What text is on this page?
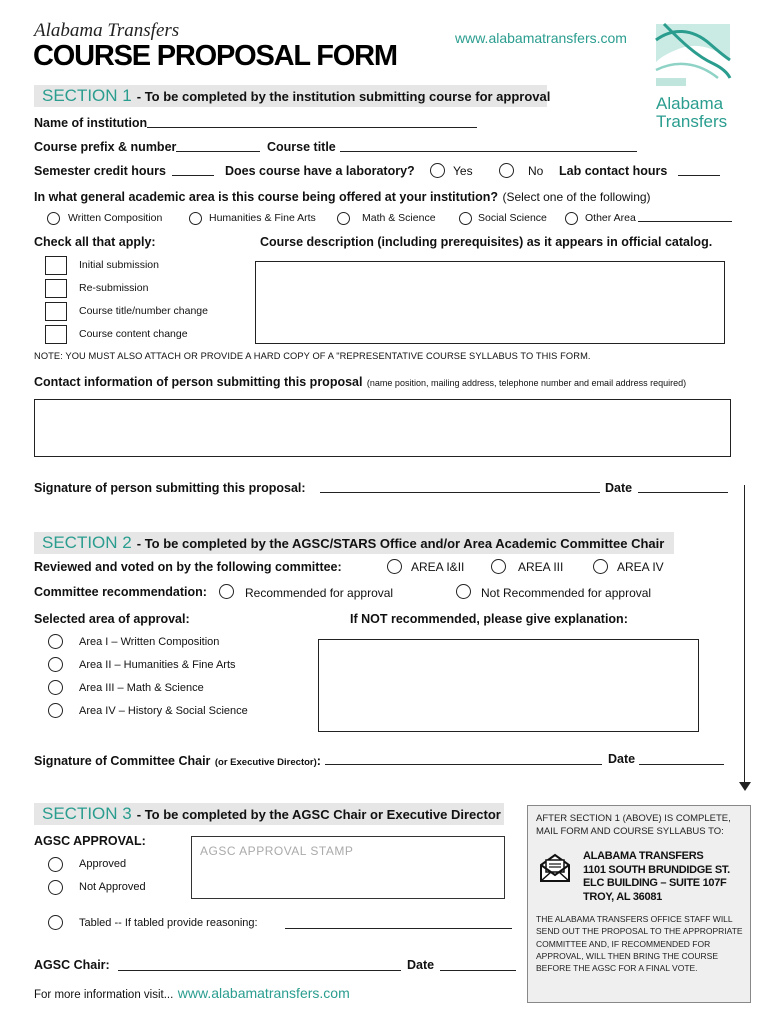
Alabama Transfers
COURSE PROPOSAL FORM
www.alabamatransfers.com
Alabama
Transfers
SECTION 1 - To be completed by the institution submitting course for approval
Name of institution
Course prefix & number	Course title
Semester credit hours	Does course have a laboratory?	Yes	No Lab contact hours
In what general academic area is this course being offered at your institution? (Select one of the following)
Written Composition	Humanities & Fine Arts	Math & Science	Social Science	Other Area
Check all that apply:	Course description (including prerequisites) as it appears in official catalog.
Initial submission
Re-submission
Course title/number change
Course content change
NOTE: YOU MUST ALSO ATTACH OR PROVIDE A HARD COPY OF A "REPRESENTATIVE COURSE SYLLABUS TO THIS FORM.
Contact information of person submitting this proposal (name position, mailing address, telephone number and email address required)
Signature of person submitting this proposal:	Date
SECTION 2 - To be completed by the AGSC/STARS Office and/or Area Academic Committee Chair
Reviewed and voted on by the following committee:	AREA I&II	AREA III	AREA IV
Committee recommendation:	Recommended for approval	Not Recommended for approval
Selected area of approval:	If NOT recommended, please give explanation:
Area I – Written Composition
Area II – Humanities & Fine Arts
Area III – Math & Science
Area IV – History & Social Science
Signature of Committee Chair (or Executive Director):	Date
SECTION 3 - To be completed by the AGSC Chair or Executive Director
AGSC APPROVAL:
AGSC APPROVAL STAMP
Approved
Not Approved
Tabled -- If tabled provide reasoning:
AGSC Chair:	Date
For more information visit... www.alabamatransfers.com
AFTER SECTION 1 (ABOVE) IS COMPLETE, MAIL FORM AND COURSE SYLLABUS TO:
ALABAMA TRANSFERS
1101 SOUTH BRUNDIDGE ST.
ELC BUILDING – SUITE 107F
TROY, AL 36081
THE ALABAMA TRANSFERS OFFICE STAFF WILL SEND OUT THE PROPOSAL TO THE APPROPRIATE COMMITTEE AND, IF RECOMMENDED FOR APPROVAL, WILL THEN BRING THE COURSE BEFORE THE AGSC FOR A FINAL VOTE.
